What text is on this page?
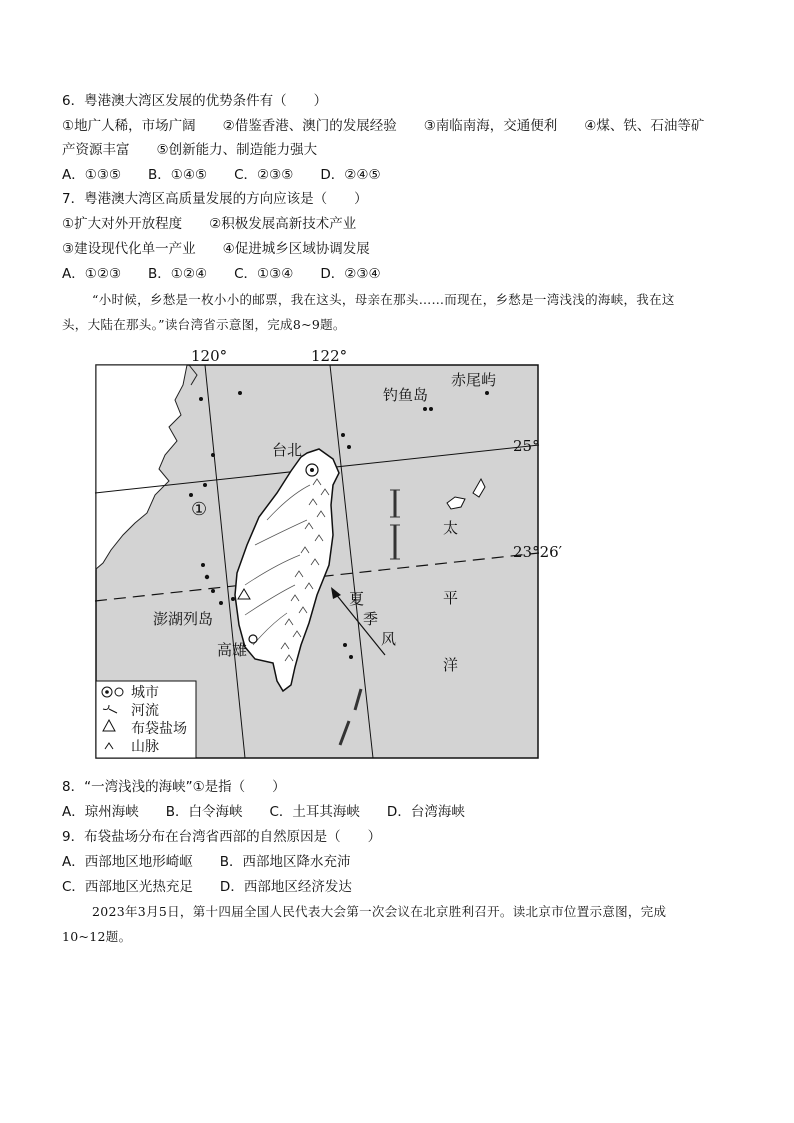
6．粤港澳大湾区发展的优势条件有（　　）
①地广人稀，市场广阔　　②借鉴香港、澳门的发展经验　　③南临南海，交通便利　　④煤、铁、石油等矿
产资源丰富　　⑤创新能力、制造能力强大
A．①③⑤　　B．①④⑤　　C．②③⑤　　D．②④⑤
7．粤港澳大湾区高质量发展的方向应该是（　　）
①扩大对外开放程度　　②积极发展高新技术产业
③建设现代化单一产业　　④促进城乡区域协调发展
A．①②③　　B．①②④　　C．①③④　　D．②③④
“小时候，乡愁是一枚小小的邮票，我在这头，母亲在那头……而现在，乡愁是一湾浅浅的海峡，我在这
头，大陆在那头。”读台湾省示意图，完成8~9题。
120°	122°
25°
23°26′
钓鱼岛
赤尾屿
台北
①
太
平
洋
夏
季
风
澎湖列岛
高雄
城市
河流
布袋盐场
山脉
8．“一湾浅浅的海峡”①是指（　　）
A．琼州海峡　　B．白令海峡　　C．土耳其海峡　　D．台湾海峡
9．布袋盐场分布在台湾省西部的自然原因是（　　）
A．西部地区地形崎岖　　B．西部地区降水充沛
C．西部地区光热充足　　D．西部地区经济发达
2023年3月5日，第十四届全国人民代表大会第一次会议在北京胜利召开。读北京市位置示意图，完成
10~12题。
